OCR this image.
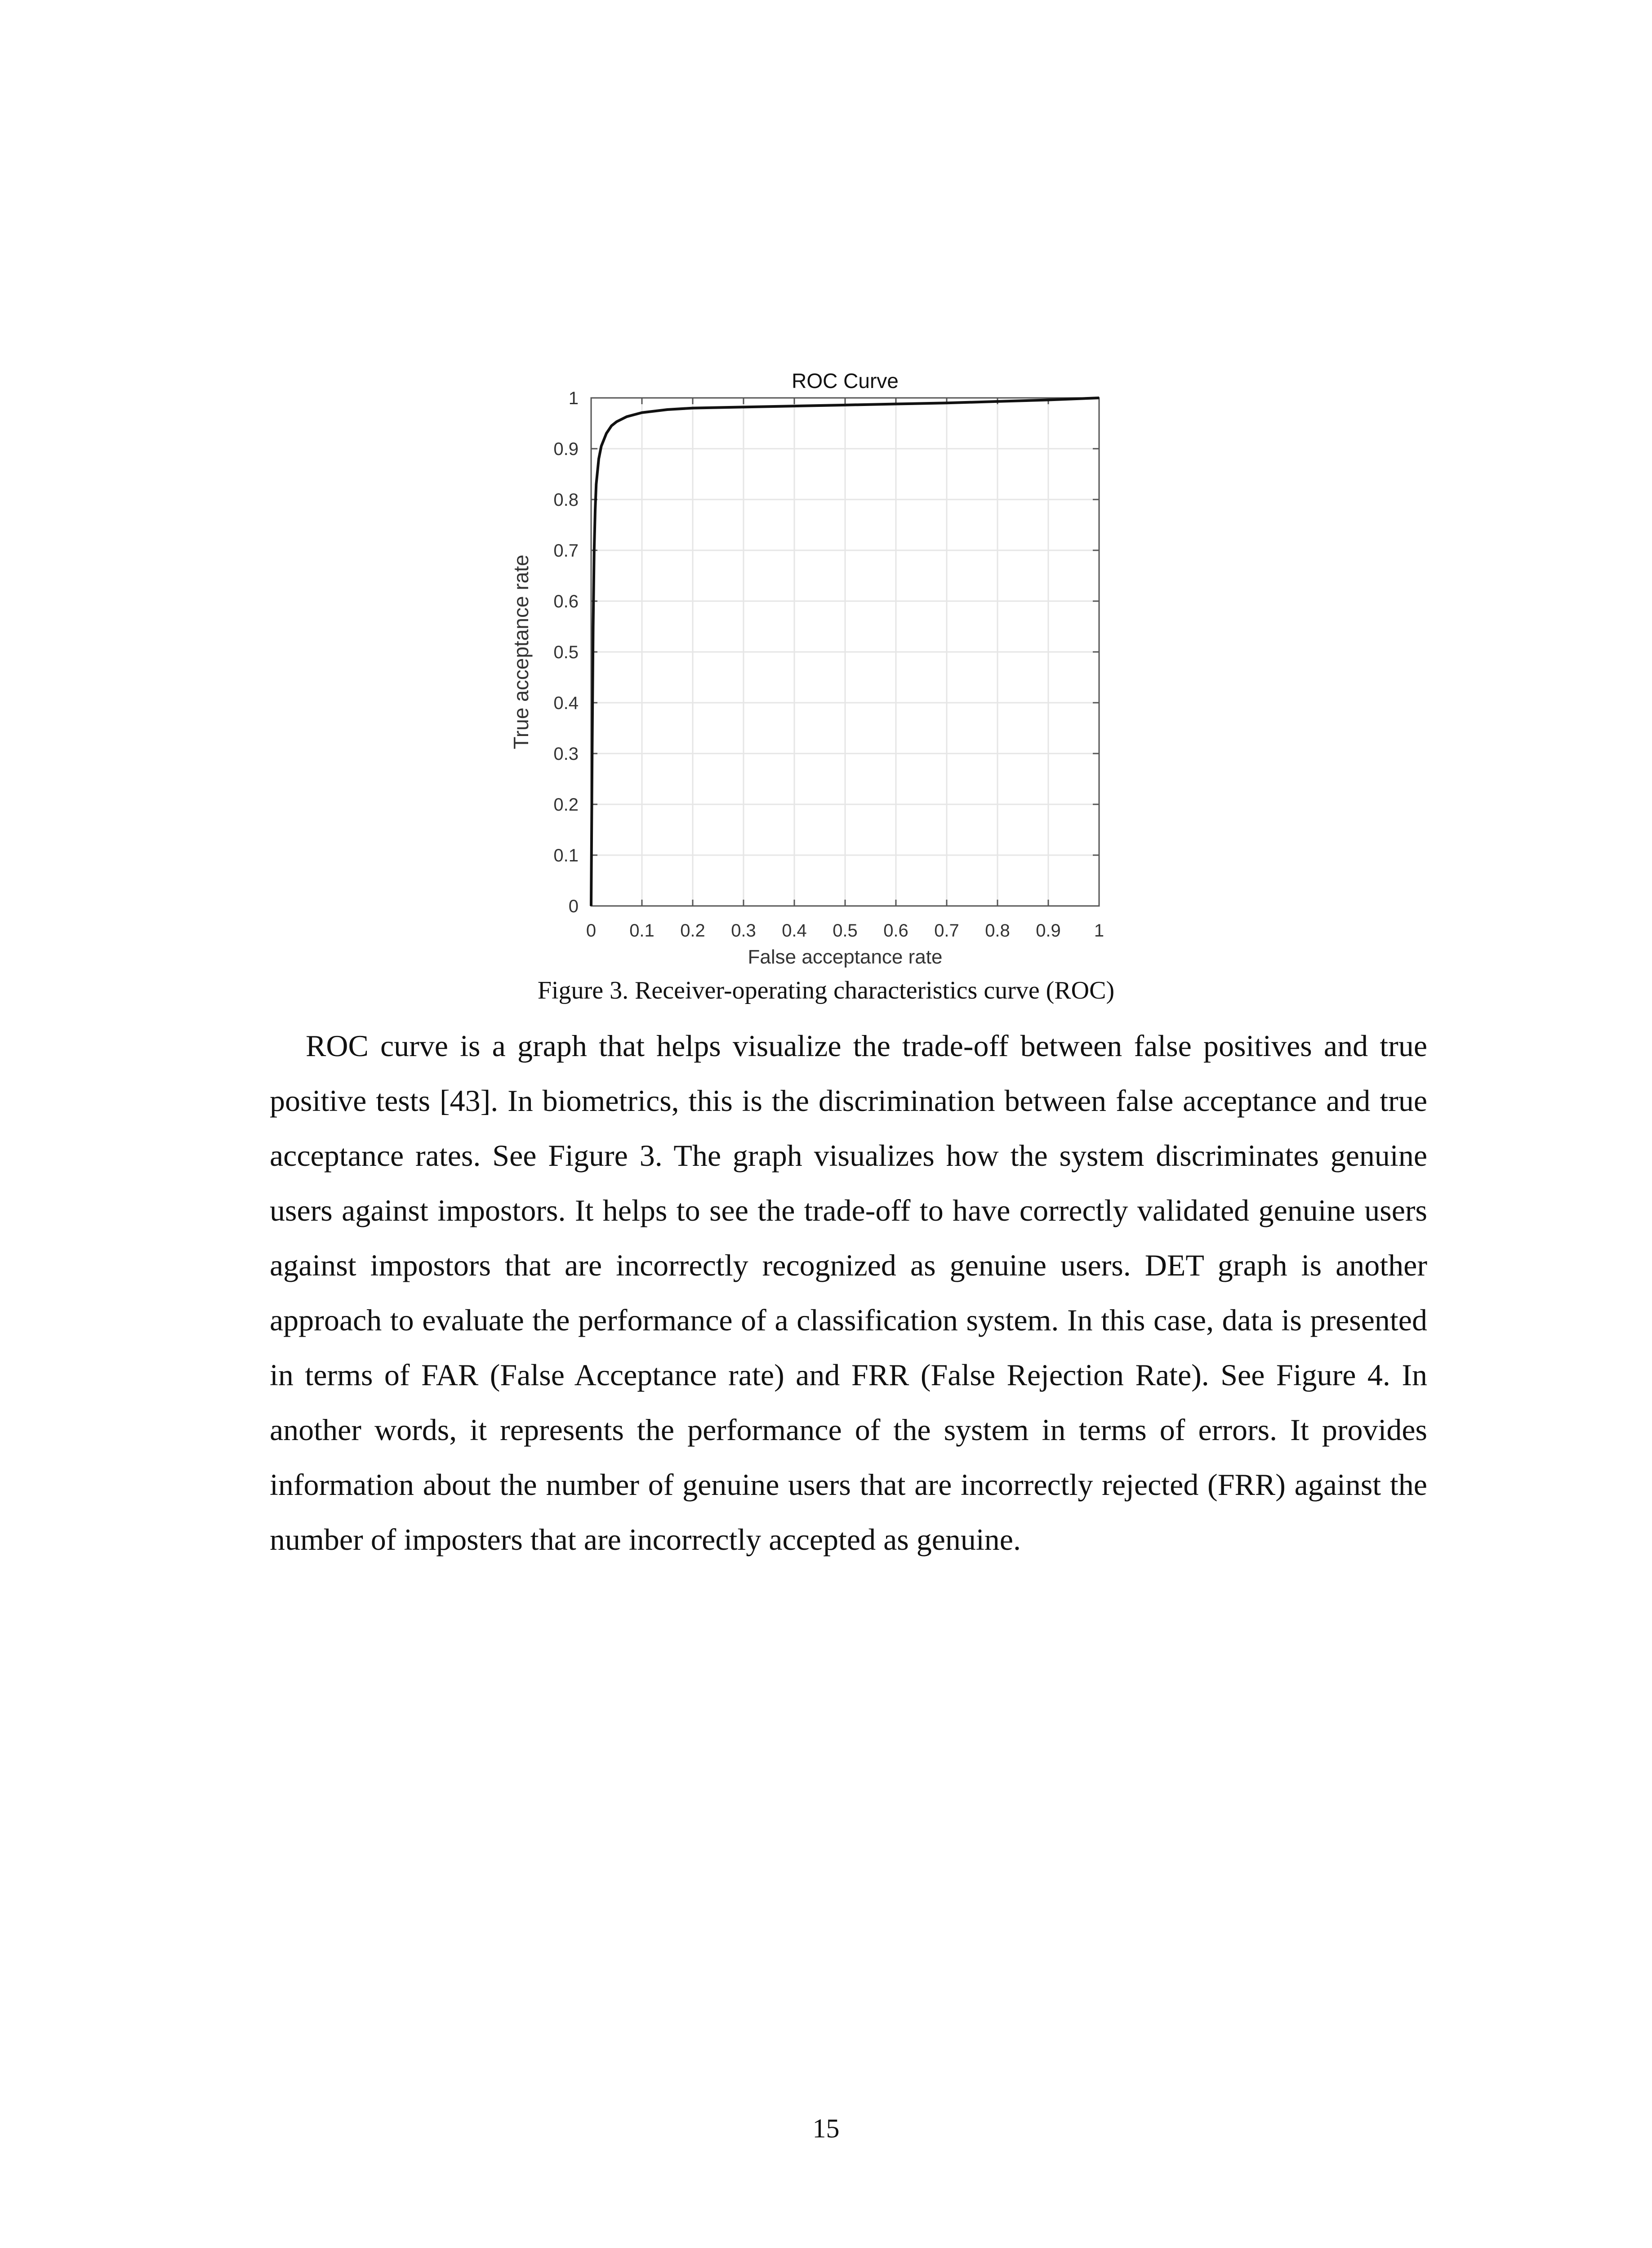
0 0.1 0.2 0.3 0.4 0.5 0.6 0.7 0.8 0.9 1
0
0.1
0.2
0.3
0.4
0.5
0.6
0.7
0.8
0.9
1
ROC Curve
False acceptance rate
True acceptance rate
Figure 3. Receiver-operating characteristics curve (ROC)

ROC curve is a graph that helps visualize the trade-off between false positives and true positive tests [43]. In biometrics, this is the discrimination between false acceptance and true acceptance rates. See Figure 3. The graph visualizes how the system discriminates genuine users against impostors. It helps to see the trade-off to have correctly validated genuine users against impostors that are incorrectly recognized as genuine users. DET graph is another approach to evaluate the performance of a classification system. In this case, data is presented in terms of FAR (False Acceptance rate) and FRR (False Rejection Rate). See Figure 4. In another words, it represents the performance of the system in terms of errors. It provides information about the number of genuine users that are incorrectly rejected (FRR) against the number of imposters that are incorrectly accepted as genuine.

15
